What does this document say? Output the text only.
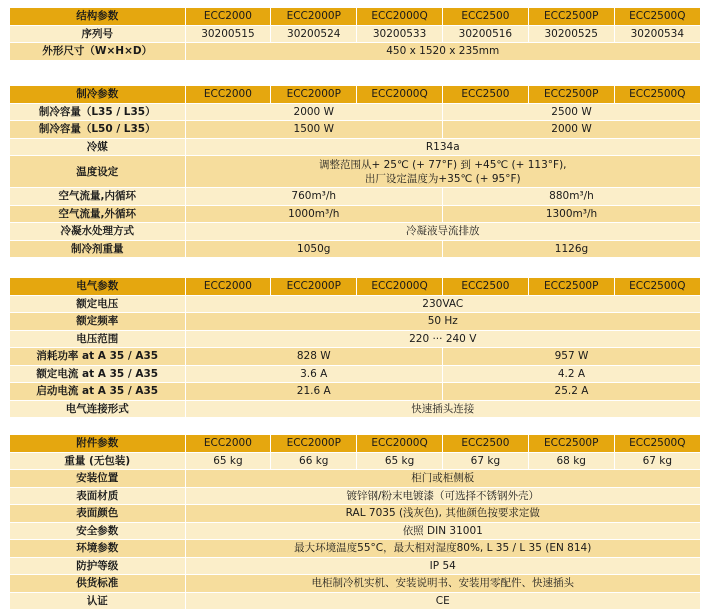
结构参数	ECC2000	ECC2000P	ECC2000Q	ECC2500	ECC2500P	ECC2500Q
序列号	30200515	30200524	30200533	30200516	30200525	30200534
外形尺寸（W×H×D）	450 x 1520 x 235mm					
制冷参数	ECC2000	ECC2000P	ECC2000Q	ECC2500	ECC2500P	ECC2500Q
制冷容量（L35 / L35）	2000 W			2500 W		
制冷容量（L50 / L35）	1500 W			2000 W		
冷媒	R134a					
温度设定	调整范围从+ 25℃ (+ 77°F) 到 +45℃ (+ 113°F),
出厂设定温度为+35℃ (+ 95°F)					

空气流量,内循环	760m³/h			880m³/h		
空气流量,外循环	1000m³/h			1300m³/h		
冷凝水处理方式	冷凝液导流排放					
制冷剂重量	1050g			1126g		
电气参数	ECC2000	ECC2000P	ECC2000Q	ECC2500	ECC2500P	ECC2500Q
额定电压	230VAC					
额定频率	50 Hz					
电压范围	220 ··· 240 V					
消耗功率 at A 35 / A35	828 W			957 W		
额定电流 at A 35 / A35	3.6 A			4.2 A		
启动电流 at A 35 / A35	21.6 A			25.2 A		
电气连接形式	快速插头连接					
附件参数	ECC2000	ECC2000P	ECC2000Q	ECC2500	ECC2500P	ECC2500Q
重量 (无包装)	65 kg	66 kg	65 kg	67 kg	68 kg	67 kg
安装位置	柜门或柜侧板					
表面材质	镀锌钢/粉末电镀漆（可选择不锈钢外壳）					
表面颜色	RAL 7035 (浅灰色), 其他颜色按要求定做					
安全参数	依照 DIN 31001					
环境参数	最大环境温度55°C，最大相对湿度80%, L 35 / L 35 (EN 814)					
防护等级	IP 54					
供货标准	电柜制冷机实机、安装说明书、安装用零配件、快速插头					
认证	CE					
